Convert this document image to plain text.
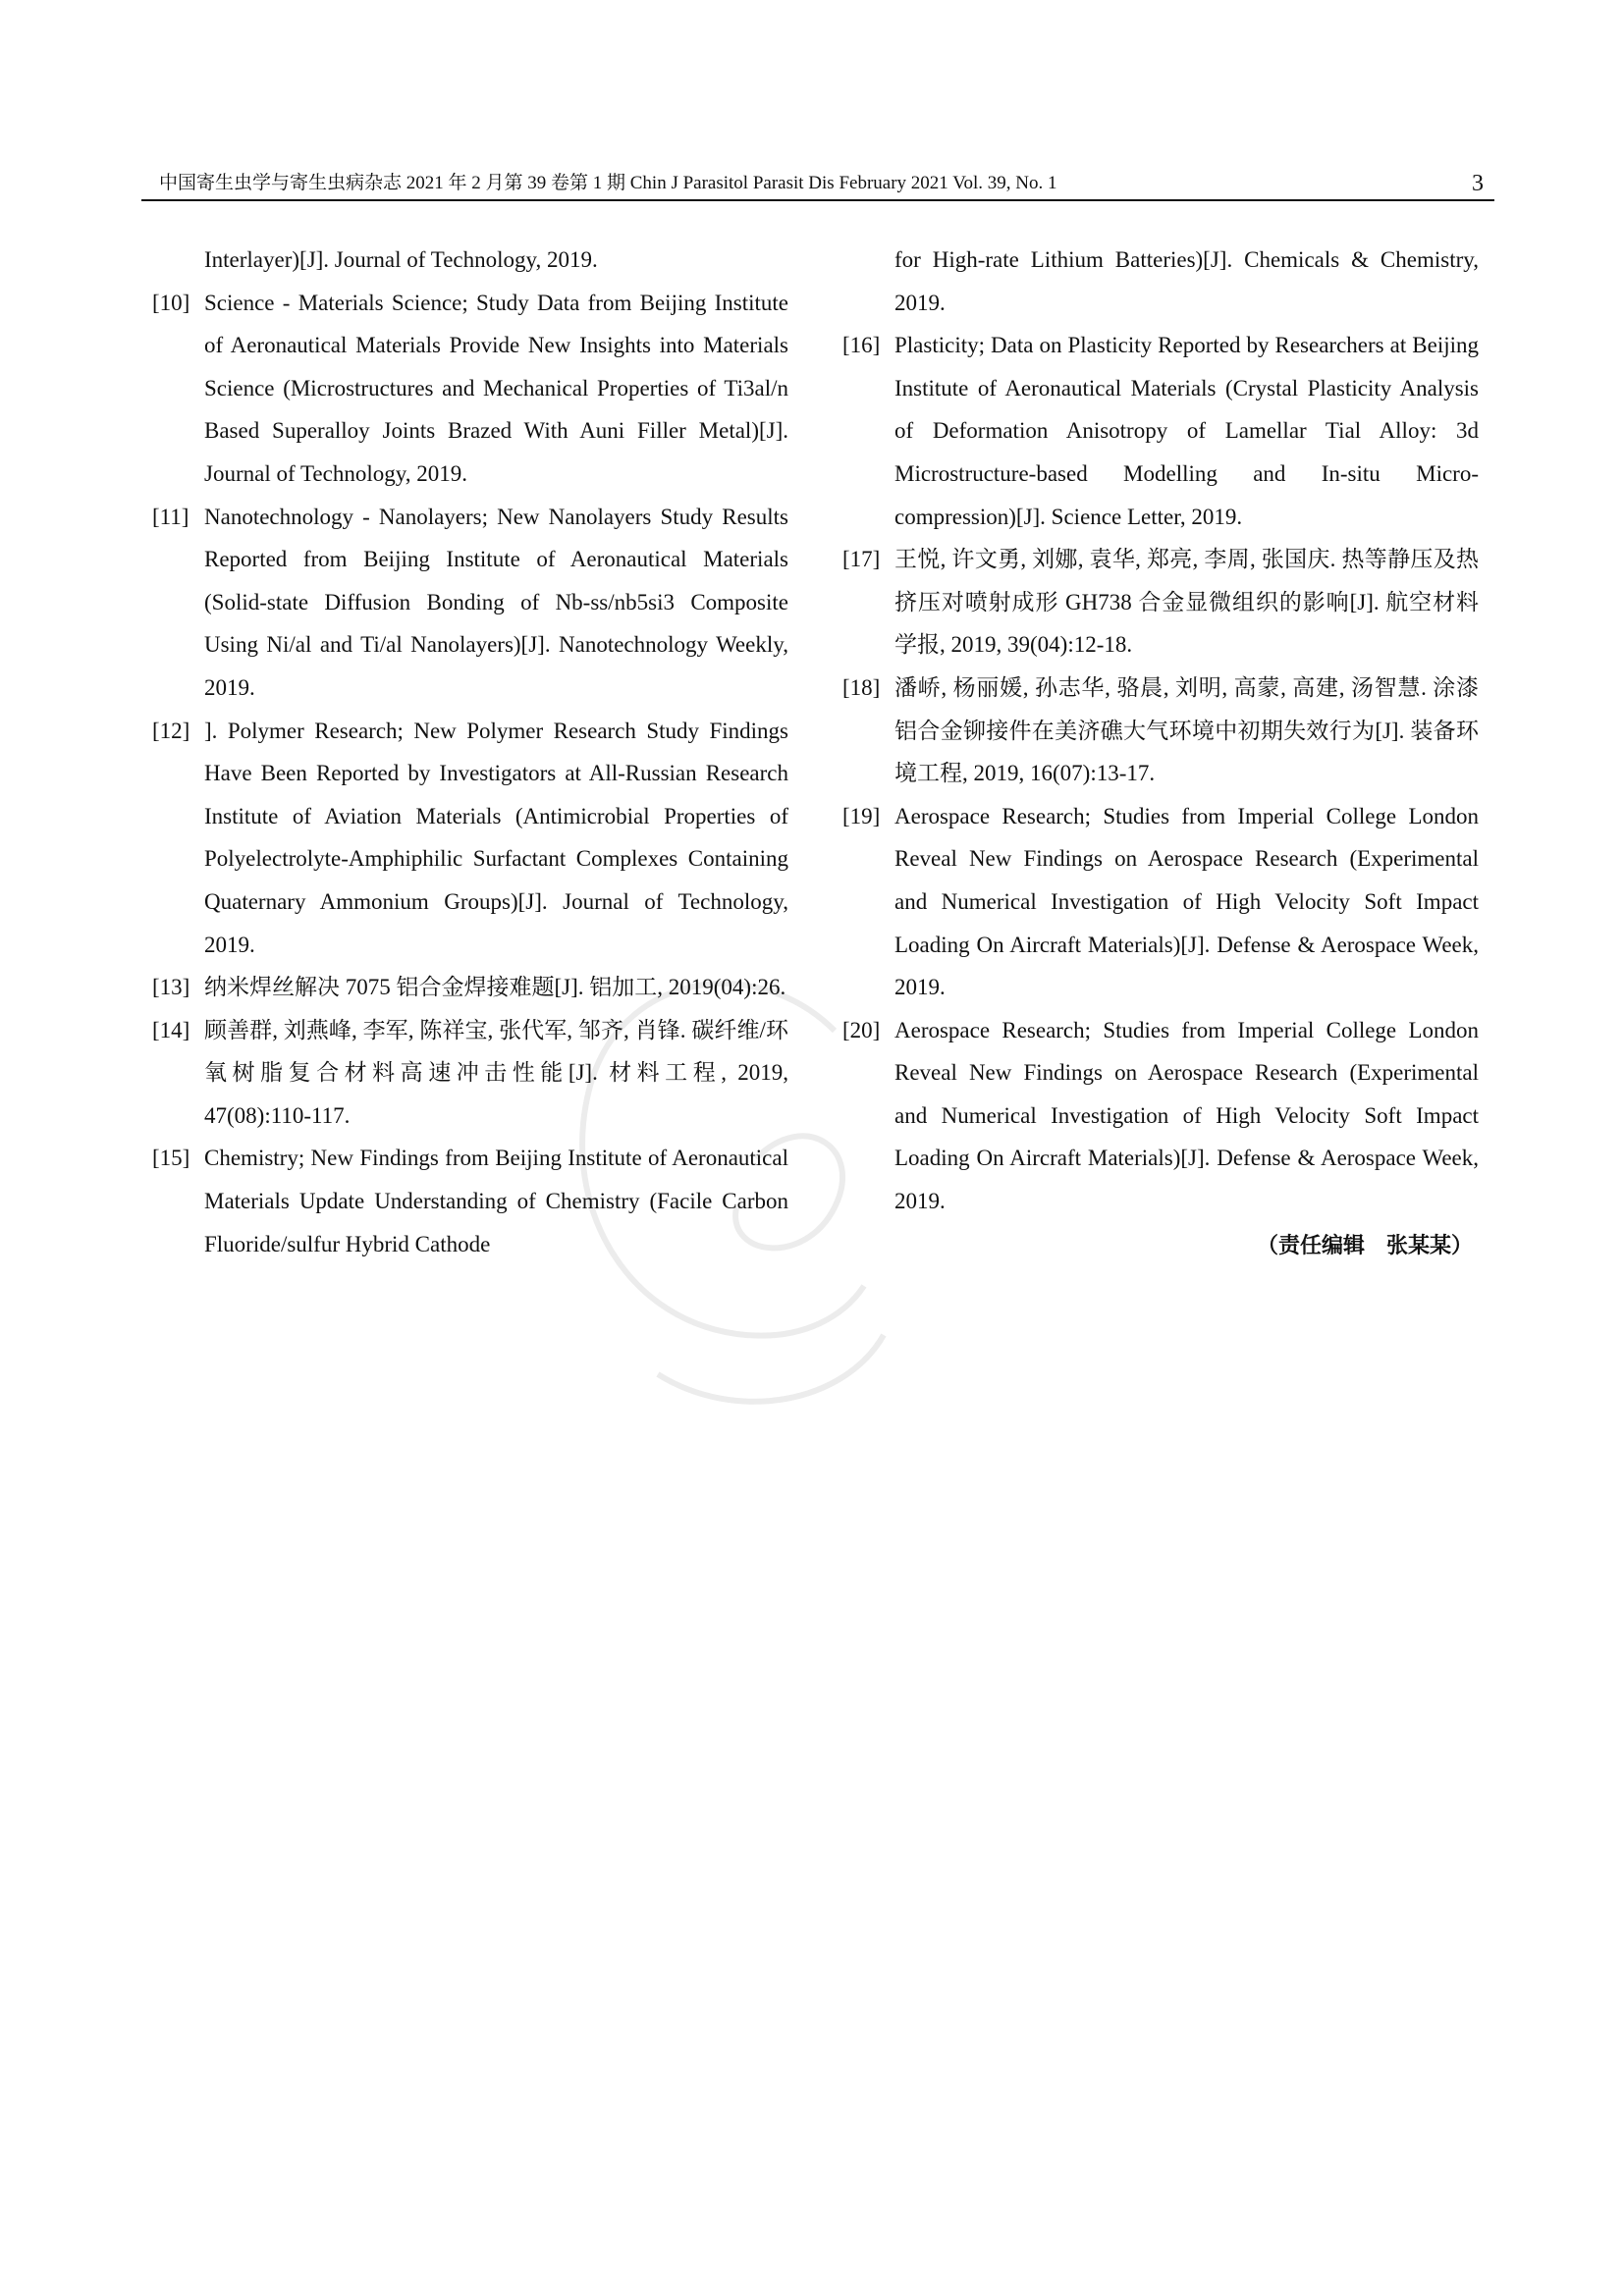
中国寄生虫学与寄生虫病杂志 2021 年 2 月第 39 卷第 1 期 Chin J Parasitol Parasit Dis February 2021 Vol. 39, No. 1	3
Interlayer)[J]. Journal of Technology, 2019.
[10] Science - Materials Science; Study Data from Beijing Institute of Aeronautical Materials Provide New Insights into Materials Science (Microstructures and Mechanical Properties of Ti3al/n Based Superalloy Joints Brazed With Auni Filler Metal)[J]. Journal of Technology, 2019.
[11] Nanotechnology - Nanolayers; New Nanolayers Study Results Reported from Beijing Institute of Aeronautical Materials (Solid-state Diffusion Bonding of Nb-ss/nb5si3 Composite Using Ni/al and Ti/al Nanolayers)[J]. Nanotechnology Weekly, 2019.
[12] ]. Polymer Research; New Polymer Research Study Findings Have Been Reported by Investigators at All-Russian Research Institute of Aviation Materials (Antimicrobial Properties of Polyelectrolyte-Amphiphilic Surfactant Complexes Containing Quaternary Ammonium Groups)[J]. Journal of Technology, 2019.
[13] 纳米焊丝解决 7075 铝合金焊接难题[J]. 铝加工, 2019(04):26.
[14] 顾善群, 刘燕峰, 李军, 陈祥宝, 张代军, 邹齐, 肖锋. 碳纤维/环氧树脂复合材料高速冲击性能[J]. 材料工程, 2019, 47(08):110-117.
[15] Chemistry; New Findings from Beijing Institute of Aeronautical Materials Update Understanding of Chemistry (Facile Carbon Fluoride/sulfur Hybrid Cathode
for High-rate Lithium Batteries)[J]. Chemicals & Chemistry, 2019.
[16] Plasticity; Data on Plasticity Reported by Researchers at Beijing Institute of Aeronautical Materials (Crystal Plasticity Analysis of Deformation Anisotropy of Lamellar Tial Alloy: 3d Microstructure-based Modelling and In-situ Micro-compression)[J]. Science Letter, 2019.
[17] 王悦, 许文勇, 刘娜, 袁华, 郑亮, 李周, 张国庆. 热等静压及热挤压对喷射成形 GH738 合金显微组织的影响[J]. 航空材料学报, 2019, 39(04):12-18.
[18] 潘峤, 杨丽媛, 孙志华, 骆晨, 刘明, 高蒙, 高建, 汤智慧. 涂漆铝合金铆接件在美济礁大气环境中初期失效行为[J]. 装备环境工程, 2019, 16(07):13-17.
[19] Aerospace Research; Studies from Imperial College London Reveal New Findings on Aerospace Research (Experimental and Numerical Investigation of High Velocity Soft Impact Loading On Aircraft Materials)[J]. Defense & Aerospace Week, 2019.
[20] Aerospace Research; Studies from Imperial College London Reveal New Findings on Aerospace Research (Experimental and Numerical Investigation of High Velocity Soft Impact Loading On Aircraft Materials)[J]. Defense & Aerospace Week, 2019.
（责任编辑　张某某）
